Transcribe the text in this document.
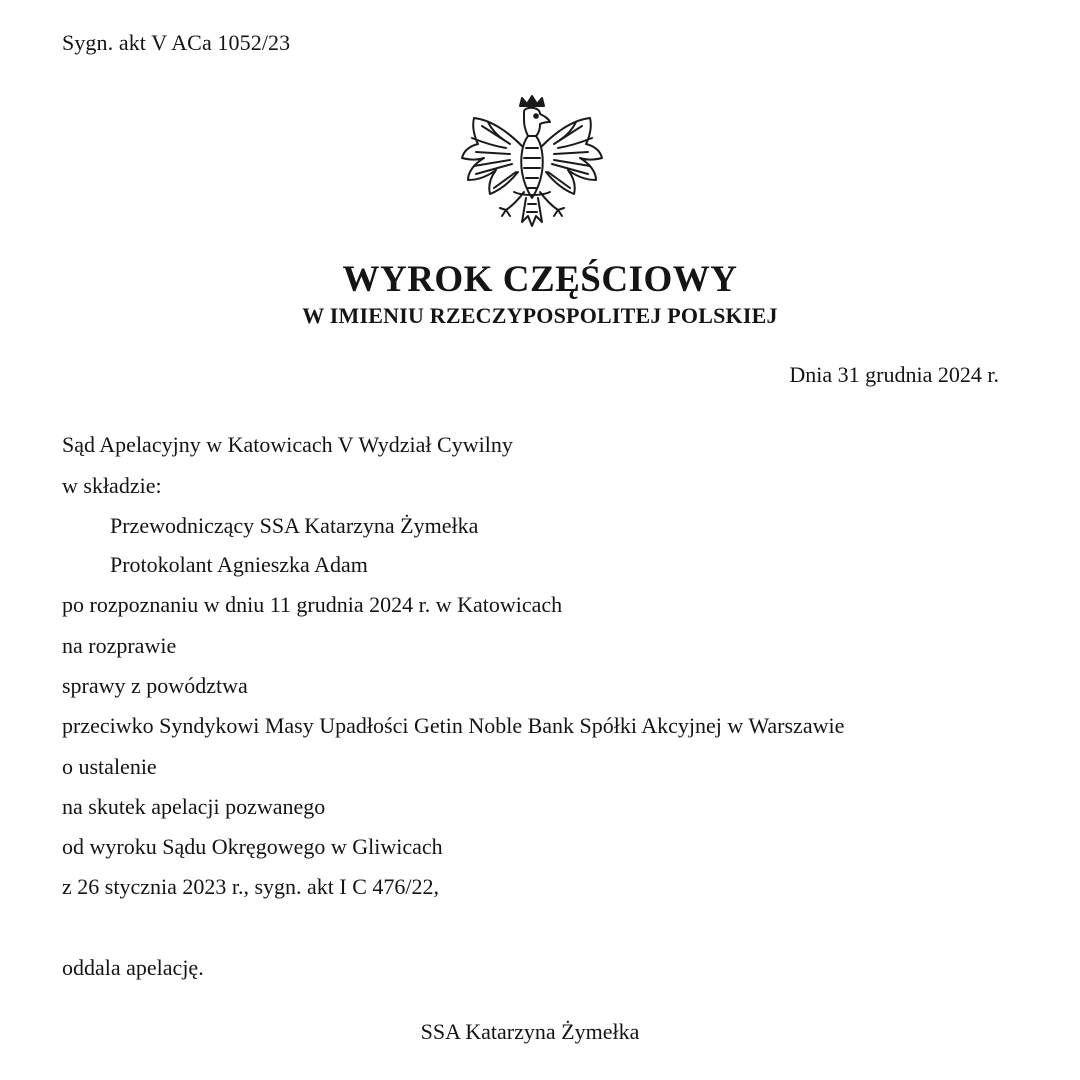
Sygn. akt V ACa 1052/23
WYROK CZĘŚCIOWY
W IMIENIU RZECZYPOSPOLITEJ POLSKIEJ
Dnia 31 grudnia 2024 r.
Sąd Apelacyjny w Katowicach V Wydział Cywilny
w składzie:
Przewodniczący SSA Katarzyna Żymełka
Protokolant Agnieszka Adam
po rozpoznaniu w dniu 11 grudnia 2024 r. w Katowicach
na rozprawie
sprawy z powództwa
przeciwko Syndykowi Masy Upadłości Getin Noble Bank Spółki Akcyjnej w Warszawie
o ustalenie
na skutek apelacji pozwanego
od wyroku Sądu Okręgowego w Gliwicach
z 26 stycznia 2023 r., sygn. akt I C 476/22,
oddala apelację.
SSA Katarzyna Żymełka
